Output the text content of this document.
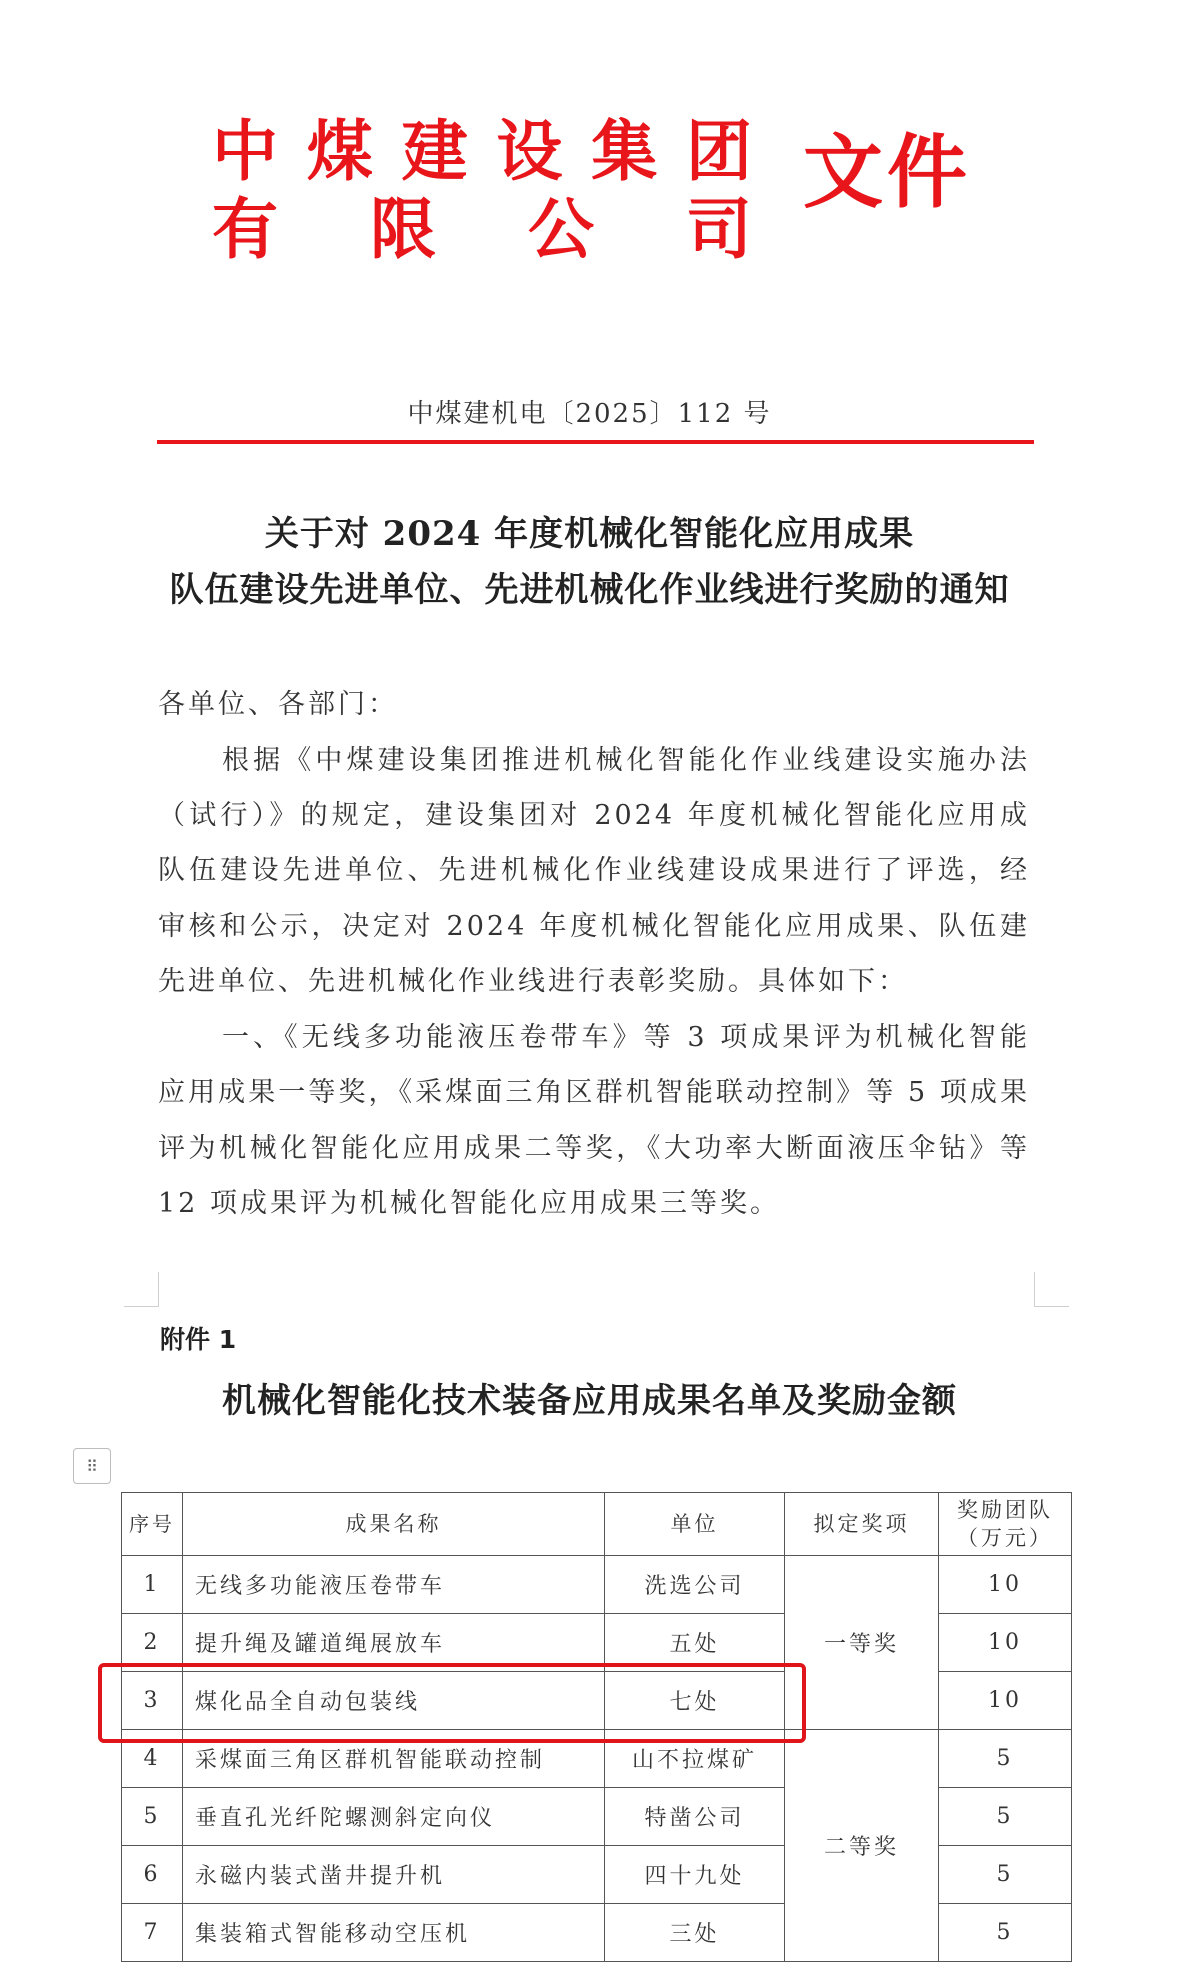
中 煤 建 设 集 团
有 限 公 司
文件
中煤建机电〔2025〕112 号
关于对 2024 年度机械化智能化应用成果
队伍建设先进单位、先进机械化作业线进行奖励的通知
各单位、各部门：
根据《中煤建设集团推进机械化智能化作业线建设实施办法
（试行）》的规定，建设集团对 2024 年度机械化智能化应用成
队伍建设先进单位、先进机械化作业线建设成果进行了评选，经
审核和公示，决定对 2024 年度机械化智能化应用成果、队伍建
先进单位、先进机械化作业线进行表彰奖励。具体如下：
一、《无线多功能液压卷带车》等 3 项成果评为机械化智能
应用成果一等奖，《采煤面三角区群机智能联动控制》等 5 项成果
评为机械化智能化应用成果二等奖，《大功率大断面液压伞钻》等
12 项成果评为机械化智能化应用成果三等奖。
附件 1
机械化智能化技术装备应用成果名单及奖励金额
⠿
序号	成果名称	单位	拟定奖项	奖励团队
（万元）
1	无线多功能液压卷带车	洗选公司	一等奖	10
2	提升绳及罐道绳展放车	五处		10
3	煤化品全自动包装线	七处		10
4	采煤面三角区群机智能联动控制	山不拉煤矿	二等奖	5
5	垂直孔光纤陀螺测斜定向仪	特凿公司		5
6	永磁内装式凿井提升机	四十九处		5
7	集装箱式智能移动空压机	三处		5
